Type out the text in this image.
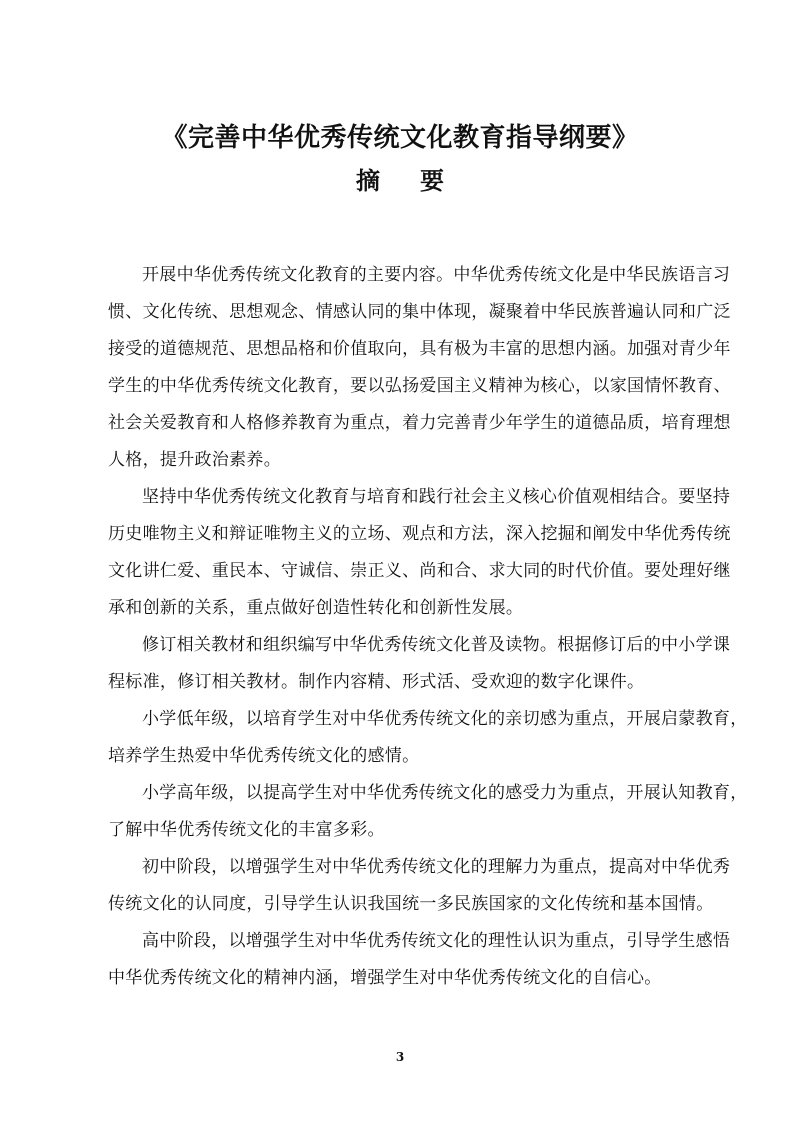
《完善中华优秀传统文化教育指导纲要》
摘 要
开展中华优秀传统文化教育的主要内容。中华优秀传统文化是中华民族语言习
惯、文化传统、思想观念、情感认同的集中体现，凝聚着中华民族普遍认同和广泛
接受的道德规范、思想品格和价值取向，具有极为丰富的思想内涵。加强对青少年
学生的中华优秀传统文化教育，要以弘扬爱国主义精神为核心，以家国情怀教育、
社会关爱教育和人格修养教育为重点，着力完善青少年学生的道德品质，培育理想
人格，提升政治素养。
坚持中华优秀传统文化教育与培育和践行社会主义核心价值观相结合。要坚持
历史唯物主义和辩证唯物主义的立场、观点和方法，深入挖掘和阐发中华优秀传统
文化讲仁爱、重民本、守诚信、崇正义、尚和合、求大同的时代价值。要处理好继
承和创新的关系，重点做好创造性转化和创新性发展。
修订相关教材和组织编写中华优秀传统文化普及读物。根据修订后的中小学课
程标准，修订相关教材。制作内容精、形式活、受欢迎的数字化课件。
小学低年级，以培育学生对中华优秀传统文化的亲切感为重点，开展启蒙教育，
培养学生热爱中华优秀传统文化的感情。
小学高年级，以提高学生对中华优秀传统文化的感受力为重点，开展认知教育，
了解中华优秀传统文化的丰富多彩。
初中阶段，以增强学生对中华优秀传统文化的理解力为重点，提高对中华优秀
传统文化的认同度，引导学生认识我国统一多民族国家的文化传统和基本国情。
高中阶段，以增强学生对中华优秀传统文化的理性认识为重点，引导学生感悟
中华优秀传统文化的精神内涵，增强学生对中华优秀传统文化的自信心。
3
